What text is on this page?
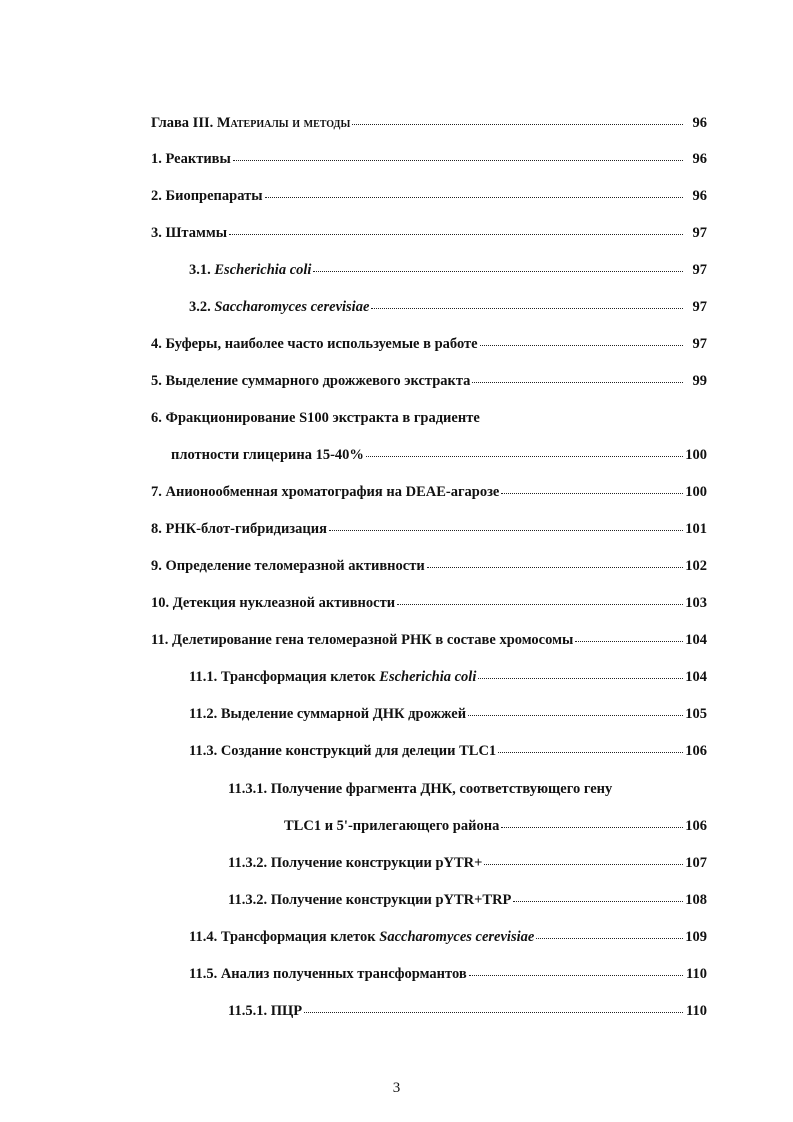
Глава III. Материалы и методы	96
1. Реактивы	96
2. Биопрепараты	96
3. Штаммы	97
3.1. Escherichia coli	97
3.2. Saccharomyces cerevisiae	97
4. Буферы, наиболее часто используемые в работе	97
5. Выделение суммарного дрожжевого экстракта	99
6. Фракционирование S100 экстракта в градиенте
плотности глицерина 15-40%	100
7. Анионообменная хроматография на DEAE-агарозе	100
8. РНК-блот-гибридизация	101
9. Определение теломеразной активности	102
10. Детекция нуклеазной активности	103
11. Делетирование гена теломеразной РНК в составе хромосомы	104
11.1. Трансформация клеток Escherichia coli	104
11.2. Выделение суммарной ДНК дрожжей	105
11.3. Создание конструкций для делеции TLC1	106
11.3.1. Получение фрагмента ДНК, соответствующего гену
TLC1 и 5'-прилегающего района	106
11.3.2. Получение конструкции pYTR+	107
11.3.2. Получение конструкции pYTR+TRP	108
11.4. Трансформация клеток Saccharomyces cerevisiae	109
11.5. Анализ полученных трансформантов	110
11.5.1. ПЦР	110
3
